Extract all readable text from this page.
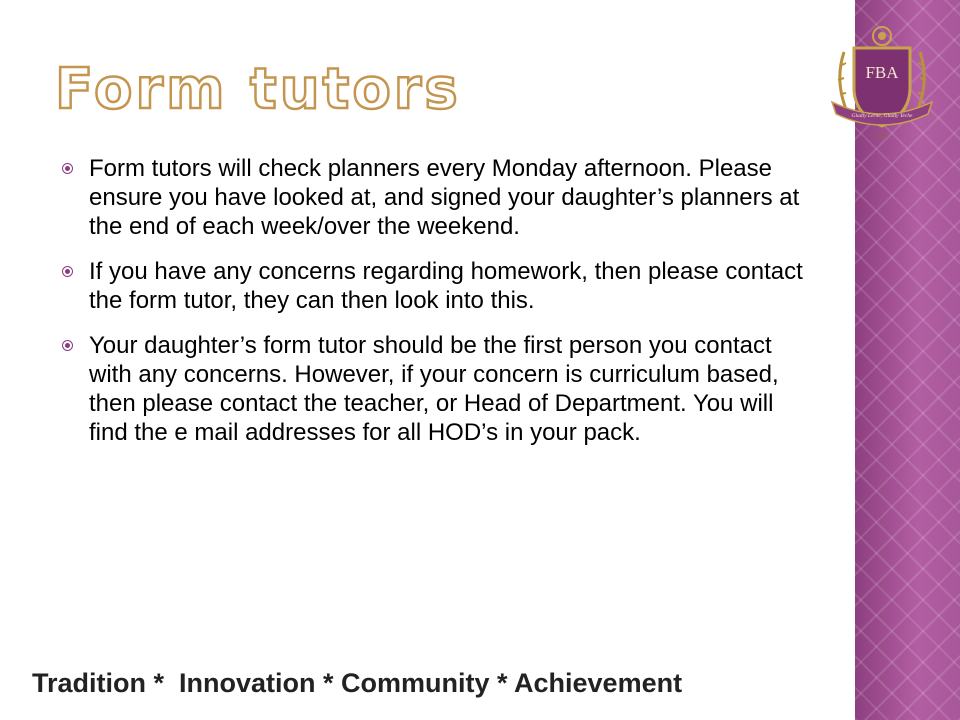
FBA
Gladly Lerne, Gladly Teche
1900
Form tutors
Form tutors will check planners every Monday afternoon. Please ensure you have looked at, and signed your daughter’s planners at the end of each week/over the weekend.
If you have any concerns regarding homework, then please contact the form tutor, they can then look into this.
Your daughter’s form tutor should be the first person you contact with any concerns. However, if your concern is curriculum based, then please contact the teacher, or Head of Department. You will find the e mail addresses for all HOD’s in your pack.

Tradition *  Innovation * Community * Achievement
